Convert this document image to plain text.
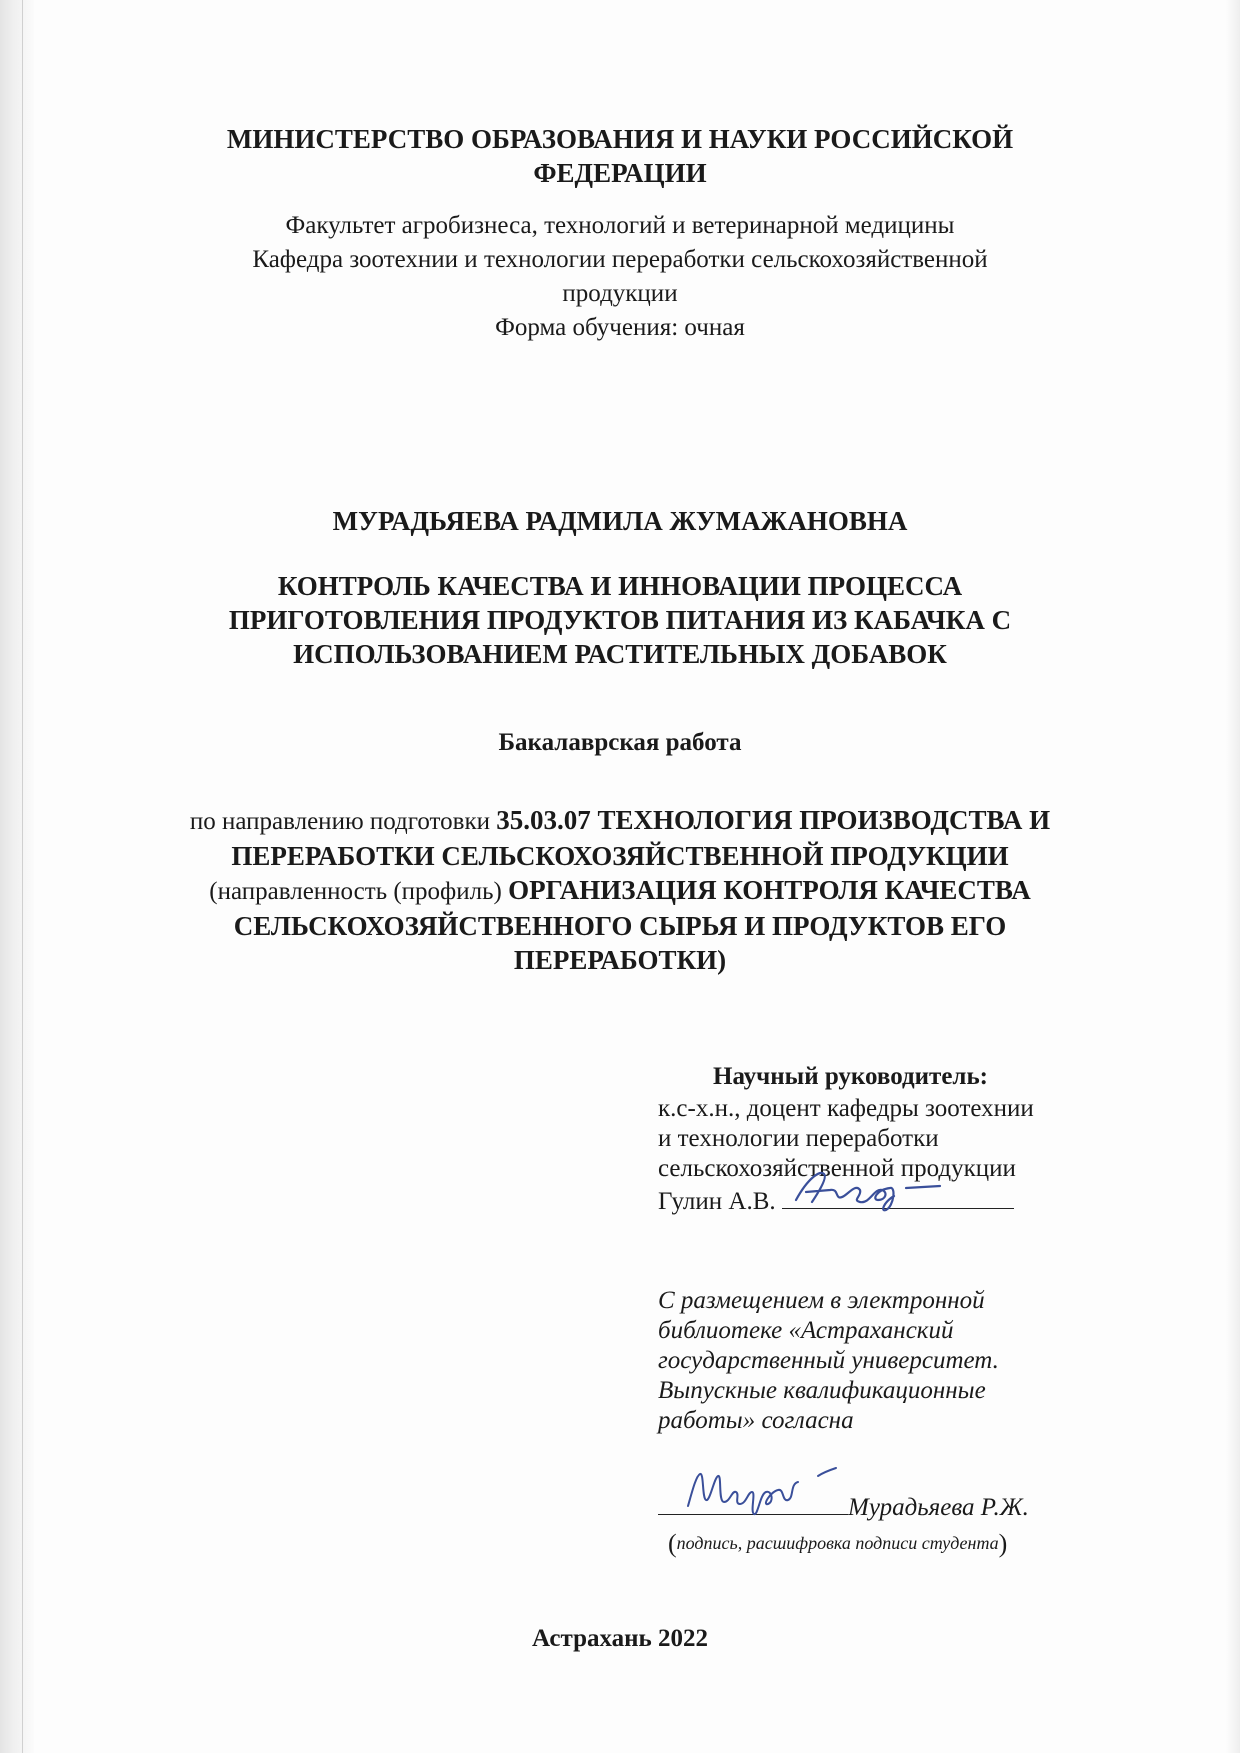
МИНИСТЕРСТВО ОБРАЗОВАНИЯ И НАУКИ РОССИЙСКОЙ
ФЕДЕРАЦИИ
Факультет агробизнеса, технологий и ветеринарной медицины
Кафедра зоотехнии и технологии переработки сельскохозяйственной
продукции
Форма обучения: очная
МУРАДЬЯЕВА РАДМИЛА ЖУМАЖАНОВНА
КОНТРОЛЬ КАЧЕСТВА И ИННОВАЦИИ ПРОЦЕССА
ПРИГОТОВЛЕНИЯ ПРОДУКТОВ ПИТАНИЯ ИЗ КАБАЧКА С
ИСПОЛЬЗОВАНИЕМ РАСТИТЕЛЬНЫХ ДОБАВОК
Бакалаврская работа
по направлению подготовки 35.03.07 ТЕХНОЛОГИЯ ПРОИЗВОДСТВА И
ПЕРЕРАБОТКИ СЕЛЬСКОХОЗЯЙСТВЕННОЙ ПРОДУКЦИИ
(направленность (профиль) ОРГАНИЗАЦИЯ КОНТРОЛЯ КАЧЕСТВА
СЕЛЬСКОХОЗЯЙСТВЕННОГО СЫРЬЯ И ПРОДУКТОВ ЕГО
ПЕРЕРАБОТКИ)
Научный руководитель:
к.с-х.н., доцент кафедры зоотехнии
и технологии переработки
сельскохозяйственной продукции
Гулин А.В.
С размещением в электронной
библиотеке «Астраханский
государственный университет.
Выпускные квалификационные
работы» согласна
Мурадьяева Р.Ж.
(подпись, расшифровка подписи студента)
Астрахань 2022
